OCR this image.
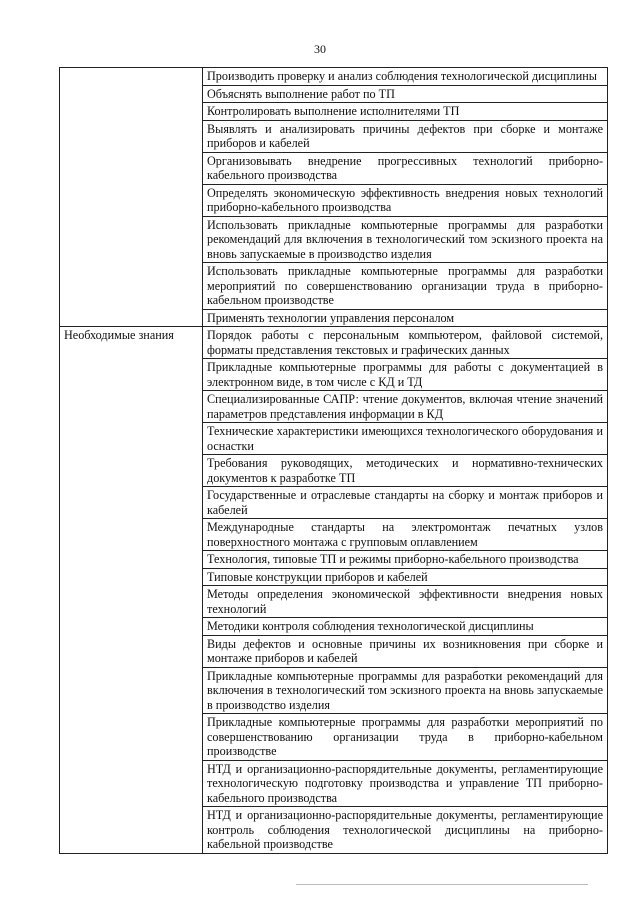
30
	Производить проверку и анализ соблюдения технологической дисциплины
	Объяснять выполнение работ по ТП
	Контролировать выполнение исполнителями ТП
	Выявлять и анализировать причины дефектов при сборке и монтаже приборов и кабелей
	Организовывать внедрение прогрессивных технологий приборно-кабельного производства
	Определять экономическую эффективность внедрения новых технологий приборно-кабельного производства
	Использовать прикладные компьютерные программы для разработки рекомендаций для включения в технологический том эскизного проекта на вновь запускаемые в производство изделия
	Использовать прикладные компьютерные программы для разработки мероприятий по совершенствованию организации труда в приборно-кабельном производстве
	Применять технологии управления персоналом
Необходимые знания	Порядок работы с персональным компьютером, файловой системой, форматы представления текстовых и графических данных
	Прикладные компьютерные программы для работы с документацией в электронном виде, в том числе с КД и ТД
	Специализированные САПР: чтение документов, включая чтение значений параметров представления информации в КД
	Технические характеристики имеющихся технологического оборудования и оснастки
	Требования руководящих, методических и нормативно-технических документов к разработке ТП
	Государственные и отраслевые стандарты на сборку и монтаж приборов и кабелей
	Международные стандарты на электромонтаж печатных узлов поверхностного монтажа с групповым оплавлением
	Технология, типовые ТП и режимы приборно-кабельного производства
	Типовые конструкции приборов и кабелей
	Методы определения экономической эффективности внедрения новых технологий
	Методики контроля соблюдения технологической дисциплины
	Виды дефектов и основные причины их возникновения при сборке и монтаже приборов и кабелей
	Прикладные компьютерные программы для разработки рекомендаций для включения в технологический том эскизного проекта на вновь запускаемые в производство изделия
	Прикладные компьютерные программы для разработки мероприятий по совершенствованию организации труда в приборно-кабельном производстве
	НТД и организационно-распорядительные документы, регламентирующие технологическую подготовку производства и управление ТП приборно-кабельного производства
	НТД и организационно-распорядительные документы, регламентирующие контроль соблюдения технологической дисциплины на приборно-кабельной производстве
